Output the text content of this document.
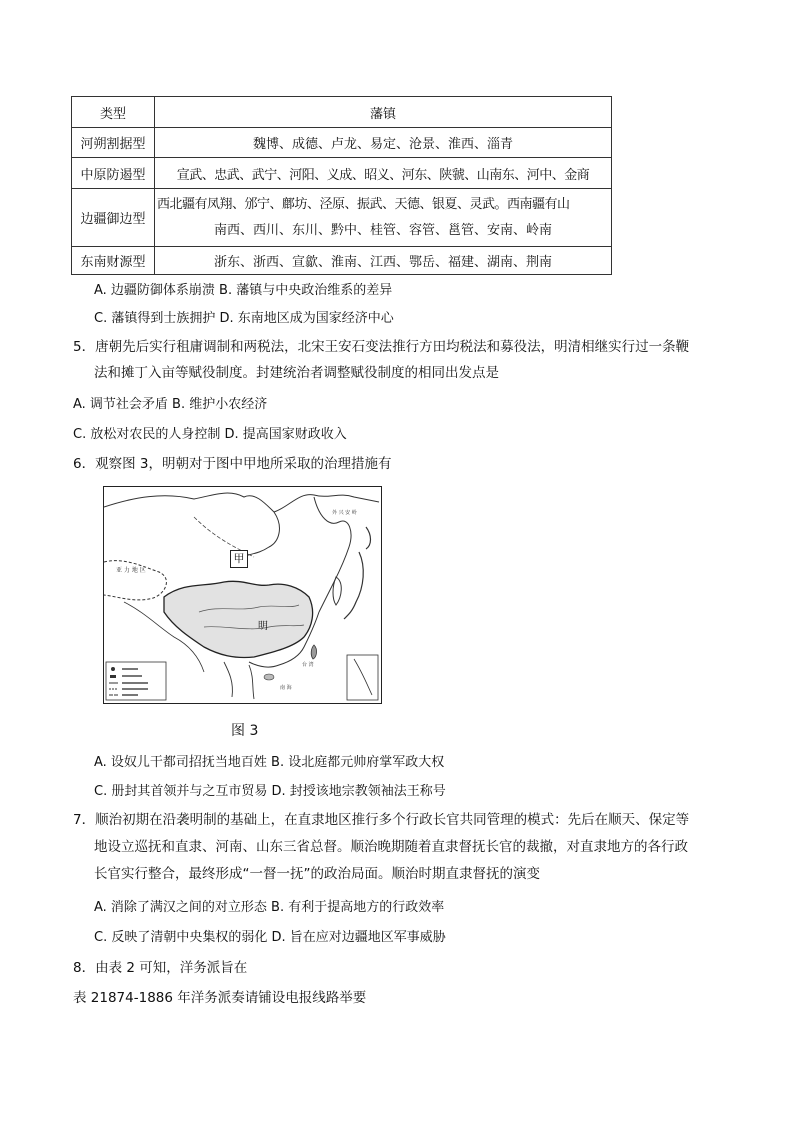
类型	藩镇
河朔割据型	魏博、成德、卢龙、易定、沧景、淮西、淄青
中原防遏型	宣武、忠武、武宁、河阳、义成、昭义、河东、陕虢、山南东、河中、金商
边疆御边型	西北疆有凤翔、邠宁、鄜坊、泾原、振武、天德、银夏、灵武。西南疆有山
南西、西川、东川、黔中、桂管、容管、邕管、安南、岭南

东南财源型	浙东、浙西、宣歙、淮南、江西、鄂岳、福建、湖南、荆南
A. 边疆防御体系崩溃 B. 藩镇与中央政治维系的差异
C. 藩镇得到士族拥护 D. 东南地区成为国家经济中心
5．唐朝先后实行租庸调制和两税法，北宋王安石变法推行方田均税法和募役法，明清相继实行过一条鞭
法和摊丁入亩等赋役制度。封建统治者调整赋役制度的相同出发点是
A. 调节社会矛盾 B. 维护小农经济
C. 放松对农民的人身控制 D. 提高国家财政收入
6．观察图 3，明朝对于图中甲地所采取的治理措施有
甲
明
亚 力 地 区
外 兴 安 岭
台 湾
南 海
图 3
A. 设奴儿干都司招抚当地百姓 B. 设北庭都元帅府掌军政大权
C. 册封其首领并与之互市贸易 D. 封授该地宗教领袖法王称号
7．顺治初期在沿袭明制的基础上，在直隶地区推行多个行政长官共同管理的模式：先后在顺天、保定等
地设立巡抚和直隶、河南、山东三省总督。顺治晚期随着直隶督抚长官的裁撤，对直隶地方的各行政
长官实行整合，最终形成“一督一抚”的政治局面。顺治时期直隶督抚的演变
A. 消除了满汉之间的对立形态 B. 有利于提高地方的行政效率
C. 反映了清朝中央集权的弱化 D. 旨在应对边疆地区军事威胁
8．由表 2 可知，洋务派旨在
表 21874-1886 年洋务派奏请铺设电报线路举要
